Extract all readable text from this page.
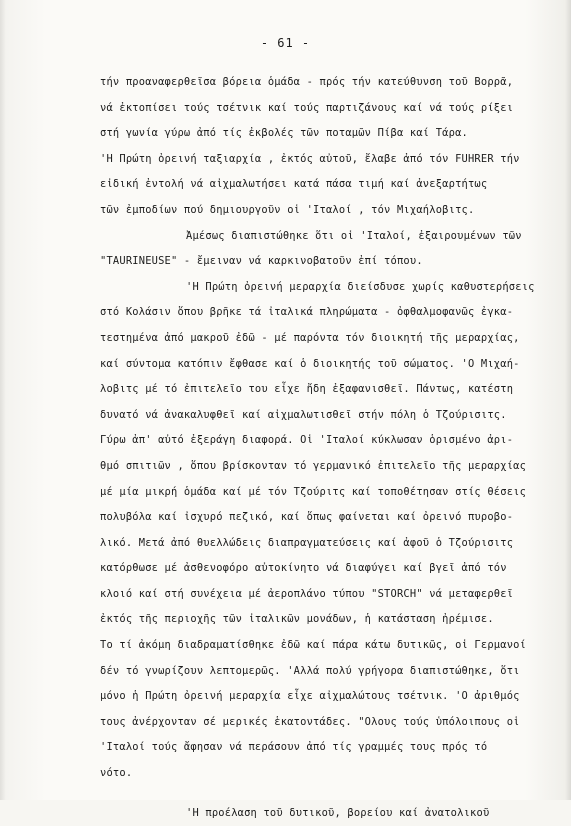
- 61 -
τήν προαναφερθεῖσα βόρεια ὁμάδα - πρός τήν κατεύθυνση τοῦ Βορρᾶ,
νά ἐκτοπίσει τούς τσέτνικ καί τούς παρτιζάνους καί νά τούς ρίξει
στή γωνία γύρω ἀπό τίς ἐκβολές τῶν ποταμῶν Πίβα καί Τάρα.
'Η Πρώτη ὀρεινή ταξιαρχία , ἐκτός αὐτοῦ, ἔλαβε ἀπό τόν FUHRER τήν
εἰδική ἐντολή νά αἰχμαλωτήσει κατά πάσα τιμή καί ἀνεξαρτήτως
τῶν ἐμποδίων πού δημιουργοῦν οἱ 'Ιταλοί , τόν Μιχαήλοβιτς.
Ἀμέσως διαπιστώθηκε ὅτι οἱ 'Ιταλοί, ἐξαιρουμένων τῶν
"TAURINEUSE" - ἔμειναν νά καρκινοβατοῦν ἐπί τόπου.
'Η Πρώτη ὀρεινή μεραρχία διείσδυσε χωρίς καθυστερήσεις
στό Κολάσιν ὅπου βρῆκε τά ἰταλικά πληρώματα - ὀφθαλμοφανῶς ἐγκα-
τεστημένα ἀπό μακροῦ ἐδῶ - μέ παρόντα τόν διοικητή τῆς μεραρχίας,
καί σύντομα κατόπιν ἔφθασε καί ὁ διοικητής τοῦ σώματος. 'Ο Μιχαή-
λοβιτς μέ τό ἐπιτελεῖο του εἶχε ἤδη ἐξαφανισθεῖ. Πάντως, κατέστη
δυνατό νά ἀνακαλυφθεῖ καί αἰχμαλωτισθεῖ στήν πόλη ὁ Τζούρισιτς.
Γύρω ἀπ' αὐτό ἐξεράγη διαφορά. Οἱ 'Ιταλοί κύκλωσαν ὁρισμένο ἀρι-
θμό σπιτιῶν , ὅπου βρίσκονταν τό γερμανικό ἐπιτελεῖο τῆς μεραρχίας
μέ μία μικρή ὁμάδα καί μέ τόν Τζούριτς καί τοποθέτησαν στίς θέσεις
πολυβόλα καί ἰσχυρό πεζικό, καί ὅπως φαίνεται καί ὀρεινό πυροβο-
λικό. Μετά ἀπό θυελλώδεις διαπραγματεύσεις καί ἀφοῦ ὁ Τζούρισιτς
κατόρθωσε μέ ἀσθενοφόρο αὐτοκίνητο νά διαφύγει καί βγεῖ ἀπό τόν
κλοιό καί στή συνέχεια μέ ἀεροπλάνο τύπου "STORCH" νά μεταφερθεῖ
ἐκτός τῆς περιοχῆς τῶν ἰταλικῶν μονάδων, ἡ κατάσταση ἠρέμισε.
Το τί ἀκόμη διαδραματίσθηκε ἐδῶ καί πάρα κάτω δυτικῶς, οἱ Γερμανοί
δέν τό γνωρίζουν λεπτομερῶς. 'Αλλά πολύ γρήγορα διαπιστώθηκε, ὅτι
μόνο ἡ Πρώτη ὀρεινή μεραρχία εἶχε αἰχμαλώτους τσέτνικ. 'Ο ἀριθμός
τους ἀνέρχονταν σέ μερικές ἑκατοντάδες. "Ολους τούς ὑπόλοιπους οἱ
'Ιταλοί τούς ἄφησαν νά περάσουν ἀπό τίς γραμμές τους πρός τό
νότο.
'Η προέλαση τοῦ δυτικοῦ, βορείου καί ἀνατολικοῦ
